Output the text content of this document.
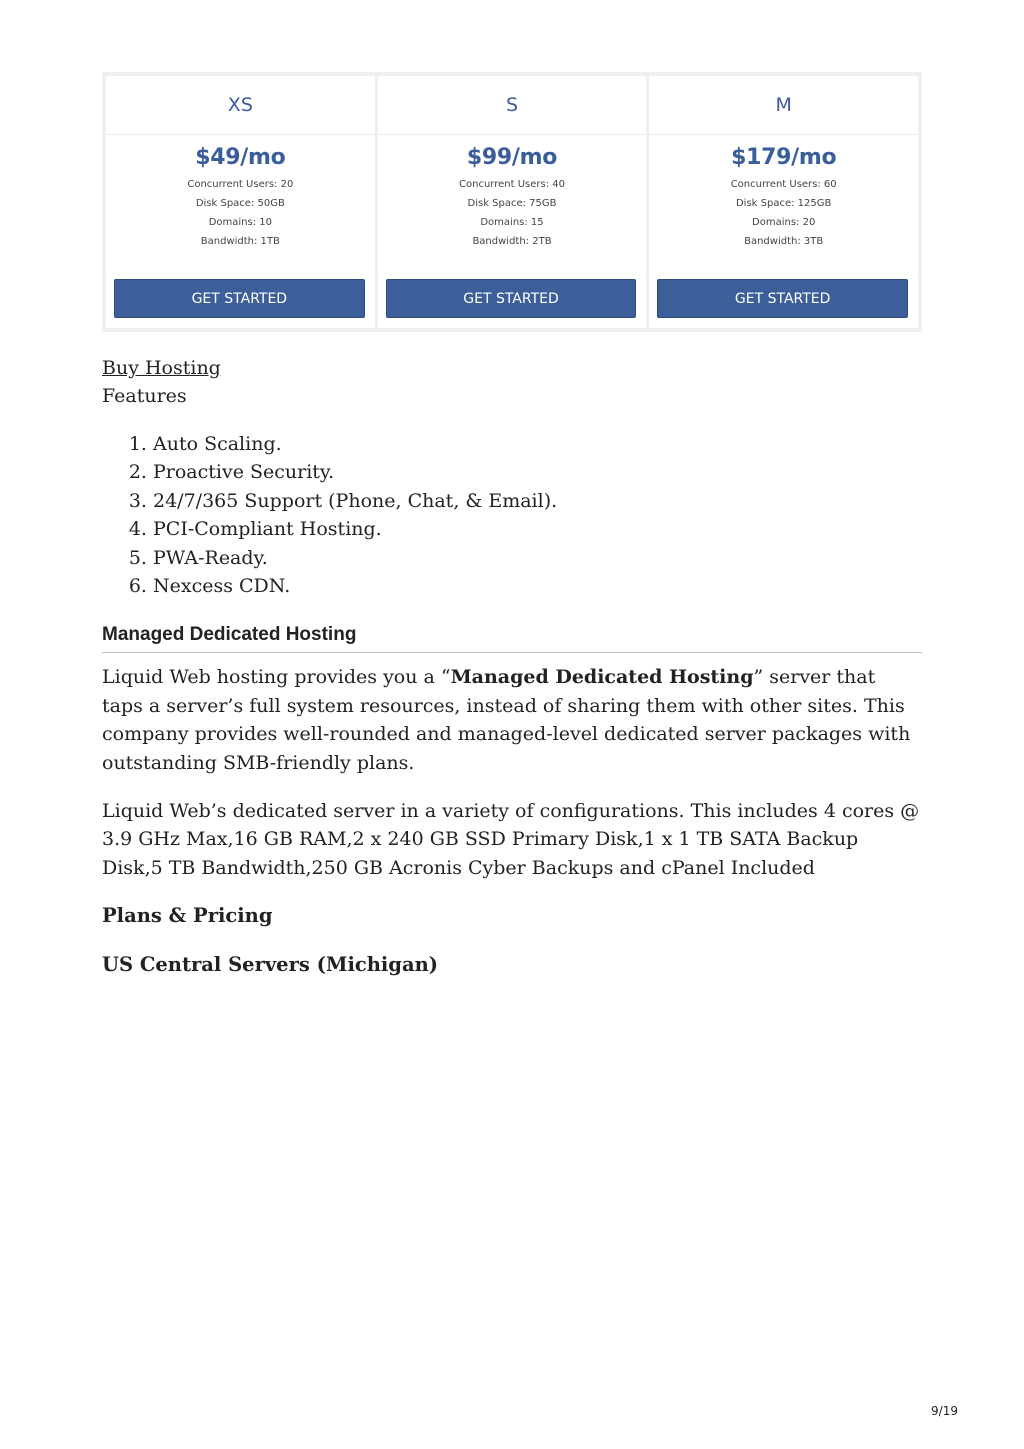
XS
$49/mo
Concurrent Users: 20
Disk Space: 50GB
Domains: 10
Bandwidth: 1TB
GET STARTED
S
$99/mo
Concurrent Users: 40
Disk Space: 75GB
Domains: 15
Bandwidth: 2TB
GET STARTED
M
$179/mo
Concurrent Users: 60
Disk Space: 125GB
Domains: 20
Bandwidth: 3TB
GET STARTED
Buy Hosting
Features
1. Auto Scaling.
2. Proactive Security.
3. 24/7/365 Support (Phone, Chat, & Email).
4. PCI-Compliant Hosting.
5. PWA-Ready.
6. Nexcess CDN.
Managed Dedicated Hosting

Liquid Web hosting provides you a “Managed Dedicated Hosting” server that taps a server’s full system resources, instead of sharing them with other sites. This company provides well-rounded and managed-level dedicated server packages with outstanding SMB-friendly plans.

Liquid Web’s dedicated server in a variety of configurations. This includes 4 cores @ 3.9 GHz Max,16 GB RAM,2 x 240 GB SSD Primary Disk,1 x 1 TB SATA Backup Disk,5 TB Bandwidth,250 GB Acronis Cyber Backups and cPanel Included

Plans & Pricing
US Central Servers (Michigan)
9/19
